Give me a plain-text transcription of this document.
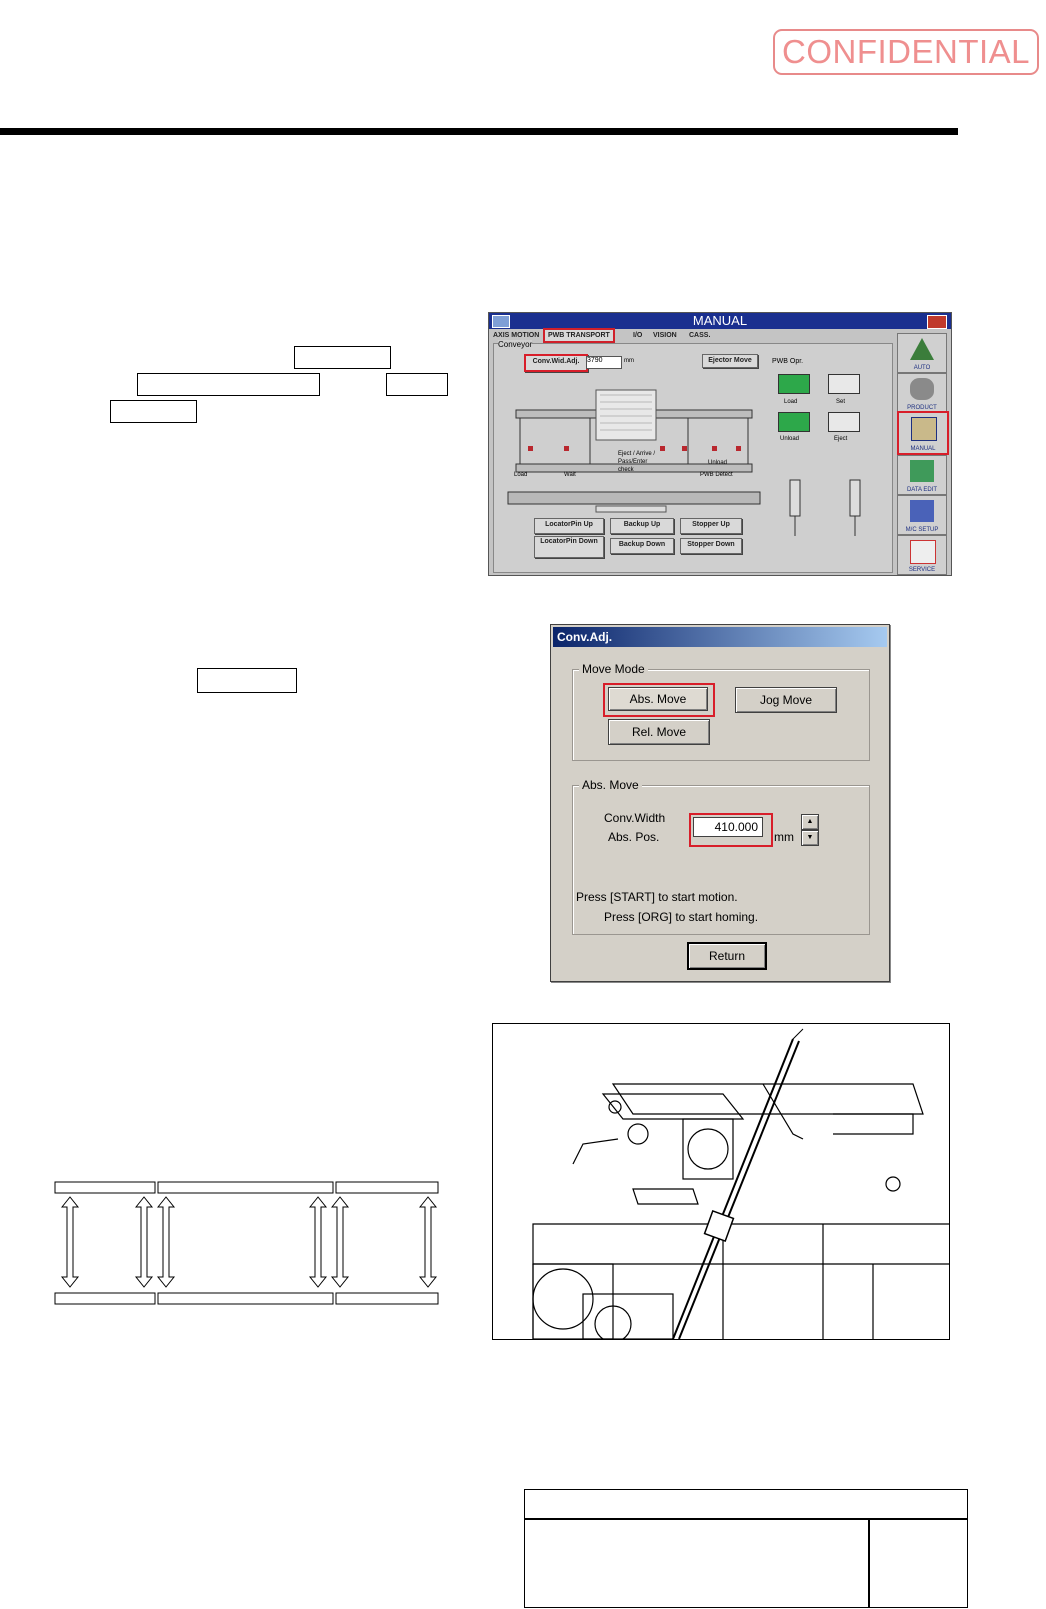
CONFIDENTIAL
MANUAL
AXIS MOTION	PWB TRANSPORT	I/O VISION CASS.
Conveyor
Conv.Wid.Adj.	3790	mm	Ejector Move	PWB Opr.
Load	Wait
Eject / Arrive / Pass/Enter check
Unload
PWB Detect
Load	Set
Unload	Eject
LocatorPin Up	Backup Up	Stopper Up
LocatorPin Down	Backup Down	Stopper Down
AUTO
PRODUCT
MANUAL
DATA EDIT
M/C SETUP
SERVICE
Conv.Adj.
Move Mode
Abs. Move	Jog Move
Rel. Move
Abs. Move
Conv.Width
Abs. Pos.
410.000
mm
▲
▼
Press [START] to start motion.
Press [ORG] to start homing.
Return
